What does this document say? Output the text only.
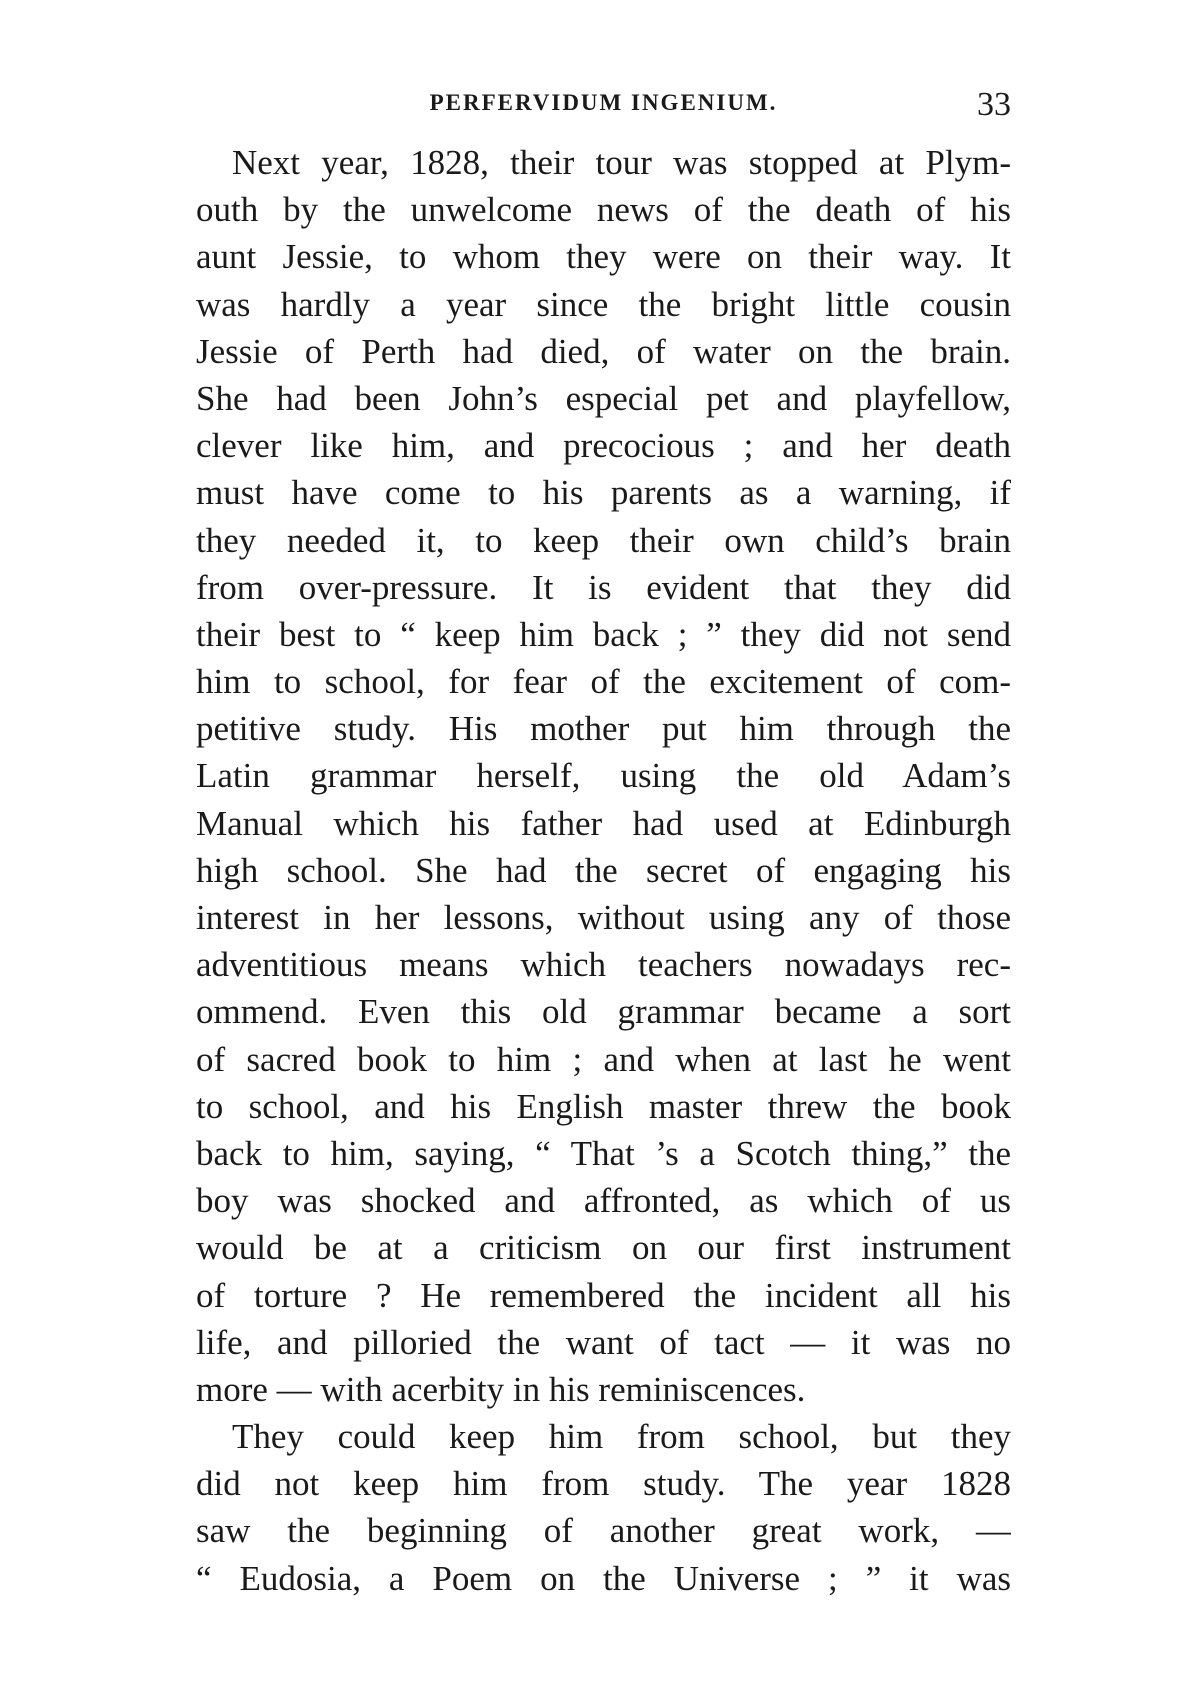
PERFERVIDUM INGENIUM.	33
Next year, 1828, their tour was stopped at Plym-
outh by the unwelcome news of the death of his
aunt Jessie, to whom they were on their way. It
was hardly a year since the bright little cousin
Jessie of Perth had died, of water on the brain.
She had been John’s especial pet and playfellow,
clever like him, and precocious ; and her death
must have come to his parents as a warning, if
they needed it, to keep their own child’s brain
from over-pressure. It is evident that they did
their best to “ keep him back ; ” they did not send
him to school, for fear of the excitement of com-
petitive study. His mother put him through the
Latin grammar herself, using the old Adam’s
Manual which his father had used at Edinburgh
high school. She had the secret of engaging his
interest in her lessons, without using any of those
adventitious means which teachers nowadays rec-
ommend. Even this old grammar became a sort
of sacred book to him ; and when at last he went
to school, and his English master threw the book
back to him, saying, “ That ’s a Scotch thing,” the
boy was shocked and affronted, as which of us
would be at a criticism on our first instrument
of torture ? He remembered the incident all his
life, and pilloried the want of tact — it was no
more — with acerbity in his reminiscences.
They could keep him from school, but they
did not keep him from study. The year 1828
saw the beginning of another great work, —
“ Eudosia, a Poem on the Universe ; ” it was
